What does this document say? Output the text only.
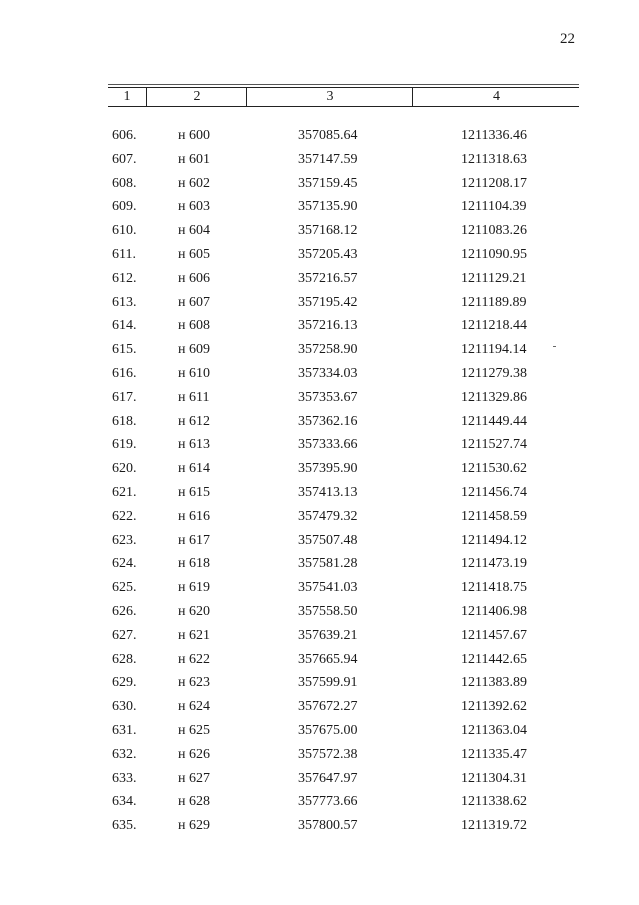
22
1	2	3	4
606.	н 600	357085.64	1211336.46
607.	н 601	357147.59	1211318.63
608.	н 602	357159.45	1211208.17
609.	н 603	357135.90	1211104.39
610.	н 604	357168.12	1211083.26
611.	н 605	357205.43	1211090.95
612.	н 606	357216.57	1211129.21
613.	н 607	357195.42	1211189.89
614.	н 608	357216.13	1211218.44
615.	н 609	357258.90	1211194.14
616.	н 610	357334.03	1211279.38
617.	н 611	357353.67	1211329.86
618.	н 612	357362.16	1211449.44
619.	н 613	357333.66	1211527.74
620.	н 614	357395.90	1211530.62
621.	н 615	357413.13	1211456.74
622.	н 616	357479.32	1211458.59
623.	н 617	357507.48	1211494.12
624.	н 618	357581.28	1211473.19
625.	н 619	357541.03	1211418.75
626.	н 620	357558.50	1211406.98
627.	н 621	357639.21	1211457.67
628.	н 622	357665.94	1211442.65
629.	н 623	357599.91	1211383.89
630.	н 624	357672.27	1211392.62
631.	н 625	357675.00	1211363.04
632.	н 626	357572.38	1211335.47
633.	н 627	357647.97	1211304.31
634.	н 628	357773.66	1211338.62
635.	н 629	357800.57	1211319.72
